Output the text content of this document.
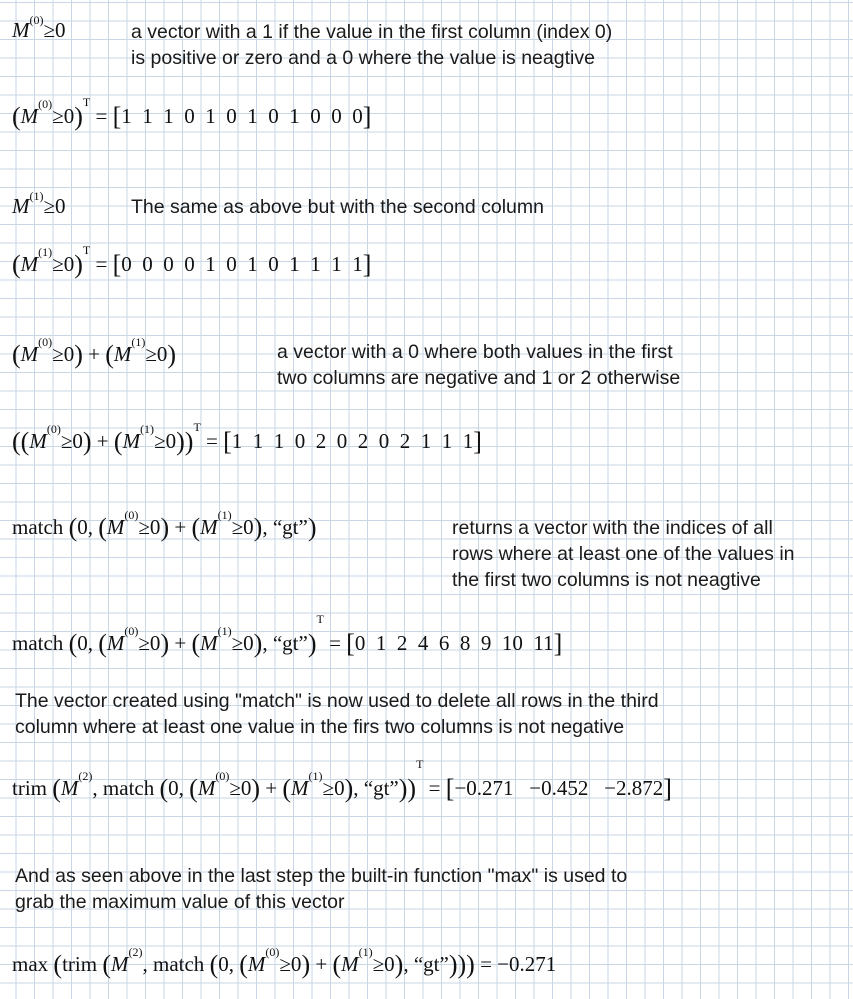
$M^{(0)}\ge 0$	a vector with a 1 if the value in the first column (index 0)

is positive or zero and a 0 where the value is neagtive

$(M^{(0)}\ge 0)^T = [1$  1  1  0  1  0  1  0  1  0  0  0]
$M^{(1)}\ge 0$	The same as above but with the second column

$(M^{(1)}\ge 0)^T = [0$  0  0  0  1  0  1  0  1  1  1  1]
$(M^{(0)}\ge 0) + (M^{(1)}\ge 0)$	a vector with a 0 where both values in the first

two columns are negative and 1 or 2 otherwise

$((M^{(0)}\ge 0) + (M^{(1)}\ge 0))^T = [1$  1  1  0  2  0  2  0  2  1  1  1]
match (0, $(M^{(0)}\ge 0) + (M^{(1)}\ge 0)$, “gt”)	returns a vector with the indices of all

rows where at least one of the values in

the first two columns is not neagtive

match (0, $(M^{(0)}\ge 0) + (M^{(1)}\ge 0)$, “gt”)$^T$ = [0  1  2  4  6  8  9  10  11]

The vector created using "match" is now used to delete all rows in the third

column where at least one value in the firs two columns is not negative

trim ($M^{(2)}$, match (0, $(M^{(0)}\ge 0) + (M^{(1)}\ge 0)$, “gt”))$^T$ = [−0.271   −0.452   −2.872]

And as seen above in the last step the built-in function "max" is used to

grab the maximum value of this vector

max (trim ($M^{(2)}$, match (0, $(M^{(0)}\ge 0) + (M^{(1)}\ge 0)$, “gt”))) = −0.271
